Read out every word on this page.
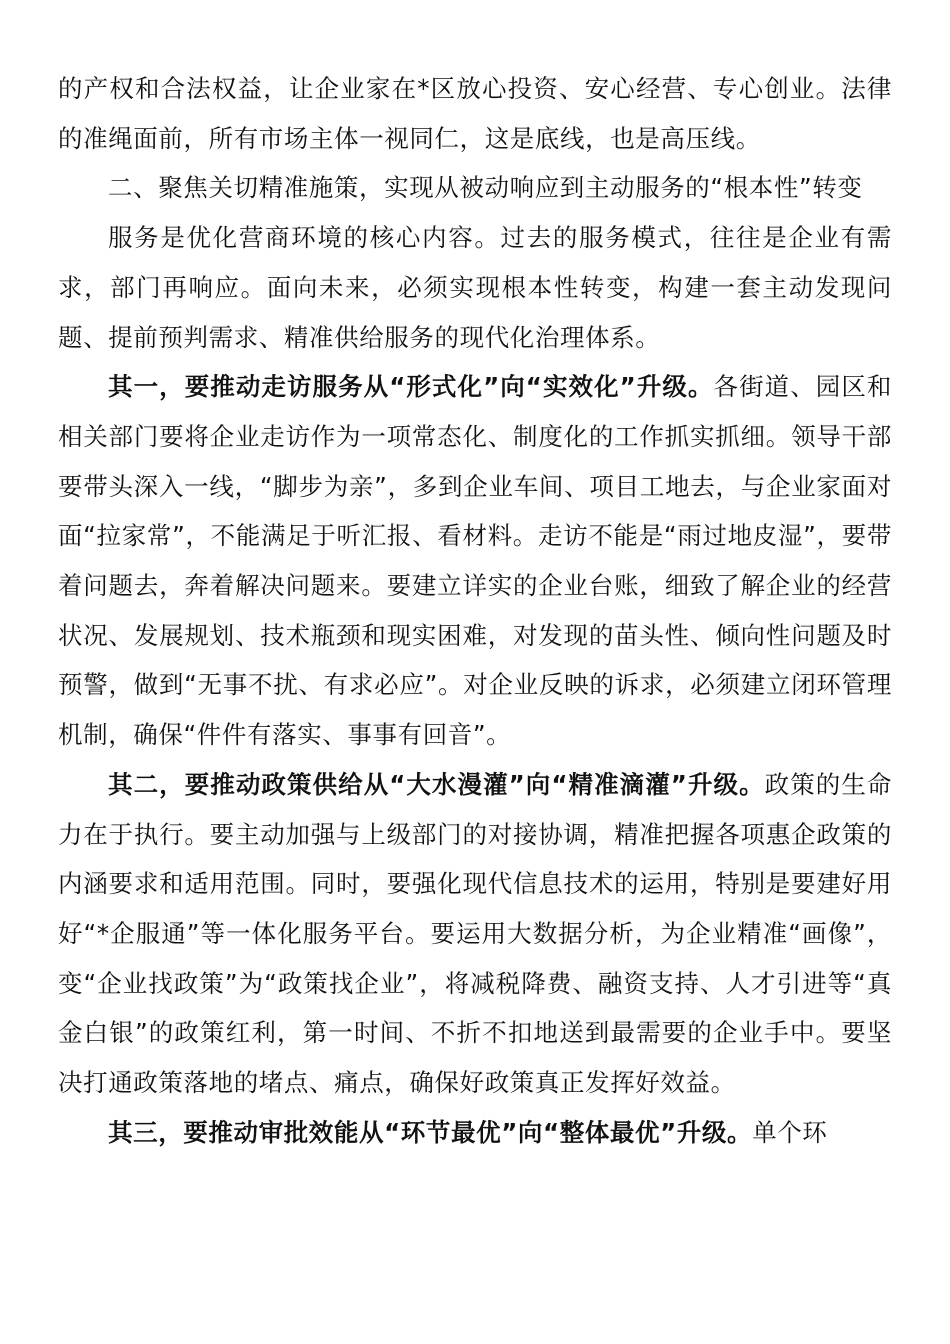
的产权和合法权益，让企业家在*区放心投资、安心经营、专心创业。法律的准绳面前，所有市场主体一视同仁，这是底线，也是高压线。

二、聚焦关切精准施策，实现从被动响应到主动服务的“根本性”转变

服务是优化营商环境的核心内容。过去的服务模式，往往是企业有需求，部门再响应。面向未来，必须实现根本性转变，构建一套主动发现问题、提前预判需求、精准供给服务的现代化治理体系。

其一，要推动走访服务从“形式化”向“实效化”升级。各街道、园区和相关部门要将企业走访作为一项常态化、制度化的工作抓实抓细。领导干部要带头深入一线，“脚步为亲”，多到企业车间、项目工地去，与企业家面对面“拉家常”，不能满足于听汇报、看材料。走访不能是“雨过地皮湿”，要带着问题去，奔着解决问题来。要建立详实的企业台账，细致了解企业的经营状况、发展规划、技术瓶颈和现实困难，对发现的苗头性、倾向性问题及时预警，做到“无事不扰、有求必应”。对企业反映的诉求，必须建立闭环管理机制，确保“件件有落实、事事有回音”。

其二，要推动政策供给从“大水漫灌”向“精准滴灌”升级。政策的生命力在于执行。要主动加强与上级部门的对接协调，精准把握各项惠企政策的内涵要求和适用范围。同时，要强化现代信息技术的运用，特别是要建好用好“*企服通”等一体化服务平台。要运用大数据分析，为企业精准“画像”，变“企业找政策”为“政策找企业”，将减税降费、融资支持、人才引进等“真金白银”的政策红利，第一时间、不折不扣地送到最需要的企业手中。要坚决打通政策落地的堵点、痛点，确保好政策真正发挥好效益。

其三，要推动审批效能从“环节最优”向“整体最优”升级。单个环
